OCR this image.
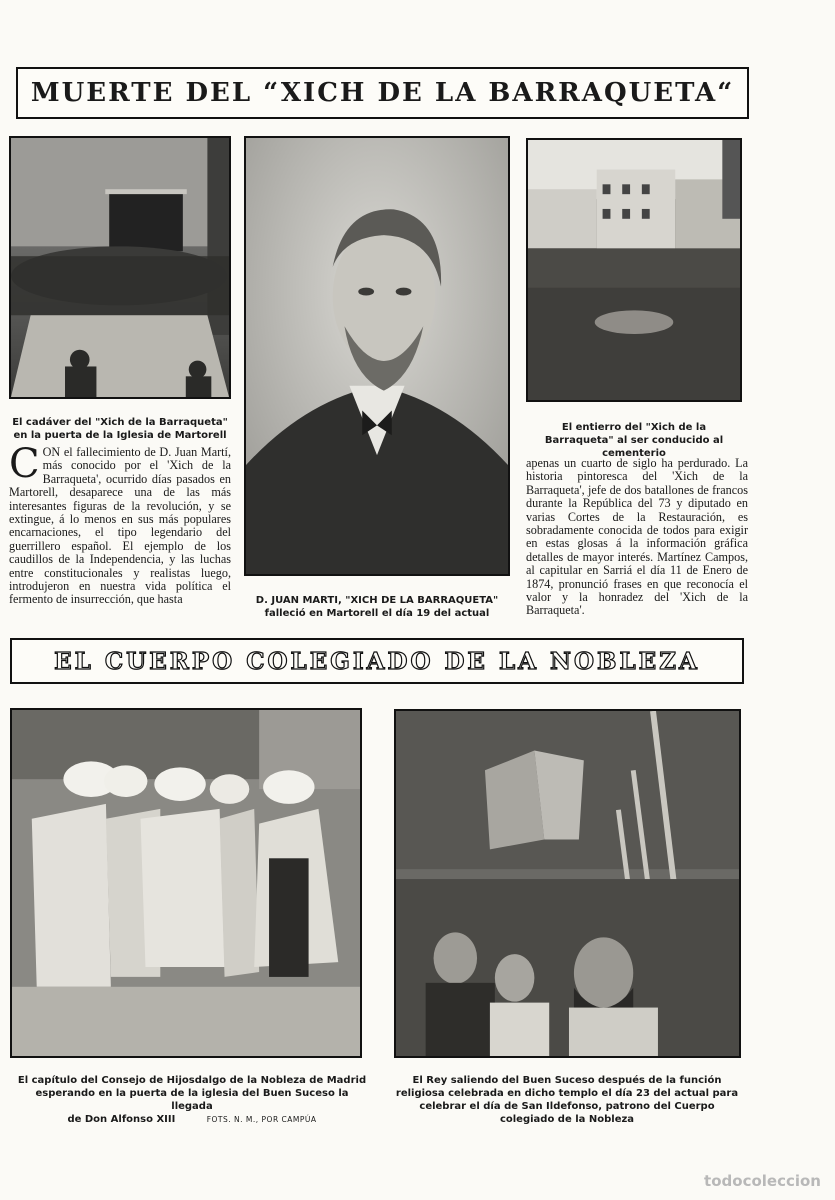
MUERTE DEL “XICH DE LA BARRAQUETA“
El cadáver del "Xich de la Barraqueta" en la puerta de la Iglesia de Martorell
D. JUAN MARTI, "XICH DE LA BARRAQUETA"
falleció en Martorell el día 19 del actual
El entierro del "Xich de la Barraqueta" al ser conducido al cementerio
CON el fallecimiento de D. Juan Martí, más conocido por el 'Xich de la Barraqueta', ocurrido días pasados en Martorell, desaparece una de las más interesantes figuras de la revolución, y se extingue, á lo menos en sus más populares encarnaciones, el tipo legendario del guerrillero español. El ejemplo de los caudillos de la Independencia, y las luchas entre constitucionales y realistas luego, introdujeron en nuestra vida política el fermento de insurrección, que hasta
apenas un cuarto de siglo ha perdurado. La historia pintoresca del 'Xich de la Barraqueta', jefe de dos batallones de francos durante la República del 73 y diputado en varias Cortes de la Restauración, es sobradamente conocida de todos para exigir en estas glosas á la información gráfica detalles de mayor interés. Martínez Campos, al capitular en Sarriá el día 11 de Enero de 1874, pronunció frases en que reconocía el valor y la honradez del 'Xich de la Barraqueta'.
EL CUERPO COLEGIADO DE LA NOBLEZA
El capítulo del Consejo de Hijosdalgo de la Nobleza de Madrid
esperando en la puerta de la iglesia del Buen Suceso la llegada
de Don Alfonso XIII	FOTS. N. M., POR CAMPÚA
El Rey saliendo del Buen Suceso después de la función religiosa celebrada en dicho templo el día 23 del actual para celebrar el día de San Ildefonso, patrono del Cuerpo colegiado de la Nobleza
todocoleccion
